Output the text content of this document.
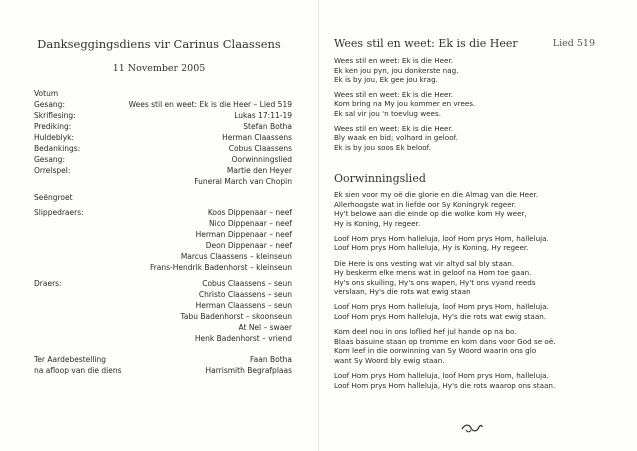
Dankseggingsdiens vir Carinus Claassens
11 November 2005
Votum
Gesang:	Wees stil en weet: Ek is die Heer – Lied 519
Skriflesing:	Lukas 17:11-19
Prediking:	Stefan Botha
Huldeblyk:	Herman Claassens
Bedankings:	Cobus Claassens
Gesang:	Oorwinningslied
Orrelspel:	Martie den Heyer
Funeral March van Chopin
Seëngroet
Slippedraers:	Koos Dippenaar – neef
Nico Dippenaar – neef
Herman Dippenaar – neef
Deon Dippenaar – neef
Marcus Claassens – kleinseun
Frans-Hendrik Badenhorst – kleinseun
Draers:	Cobus Claassens – seun
Christo Claassens – seun
Herman Claassens – seun
Tabu Badenhorst – skoonseun
At Nel – swaer
Henk Badenhorst – vriend
Ter Aardebestelling	Faan Botha
na afloop van die diens	Harrismith Begrafplaas
Wees stil en weet: Ek is die Heer	Lied 519
Wees stil en weet: Ek is die Heer.
Ek ken jou pyn, jou donkerste nag.
Ek is by jou, Ek gee jou krag.
Wees stil en weet: Ek is die Heer.
Kom bring na My jou kommer en vrees.
Ek sal vir jou 'n toevlug wees.
Wees stil en weet: Ek is die Heer.
Bly waak en bid; volhard in geloof.
Ek is by jou soos Ek beloof.
Oorwinningslied
Ek sien voor my oë die glorie en die Almag van die Heer.
Allerhoogste wat in liefde oor Sy Koningryk regeer.
Hy't belowe aan die einde op die wolke kom Hy weer,
Hy is Koning, Hy regeer.
Loof Hom prys Hom halleluja, loof Hom prys Hom, halleluja.
Loof Hom prys Hom halleluja, Hy is Koning, Hy regeer.
Die Here is ons vesting wat vir altyd sal bly staan.
Hy beskerm elke mens wat in geloof na Hom toe gaan.
Hy's ons skuiling, Hy's ons wapen, Hy't ons vyand reeds
verslaan, Hy's die rots wat ewig staan
Loof Hom prys Hom halleluja, loof Hom prys Hom, halleluja.
Loof Hom prys Hom halleluja, Hy's die rots wat ewig staan.
Kom deel nou in ons loflied hef jul hande op na bo.
Blaas basuine staan op tromme en kom dans voor God se oë.
Kom leef in die oorwinning van Sy Woord waarin ons glo
want Sy Woord bly ewig staan.
Loof Hom prys Hom halleluja, loof Hom prys Hom, halleluja.
Loof Hom prys Hom halleluja, Hy's die rots waarop ons staan.
